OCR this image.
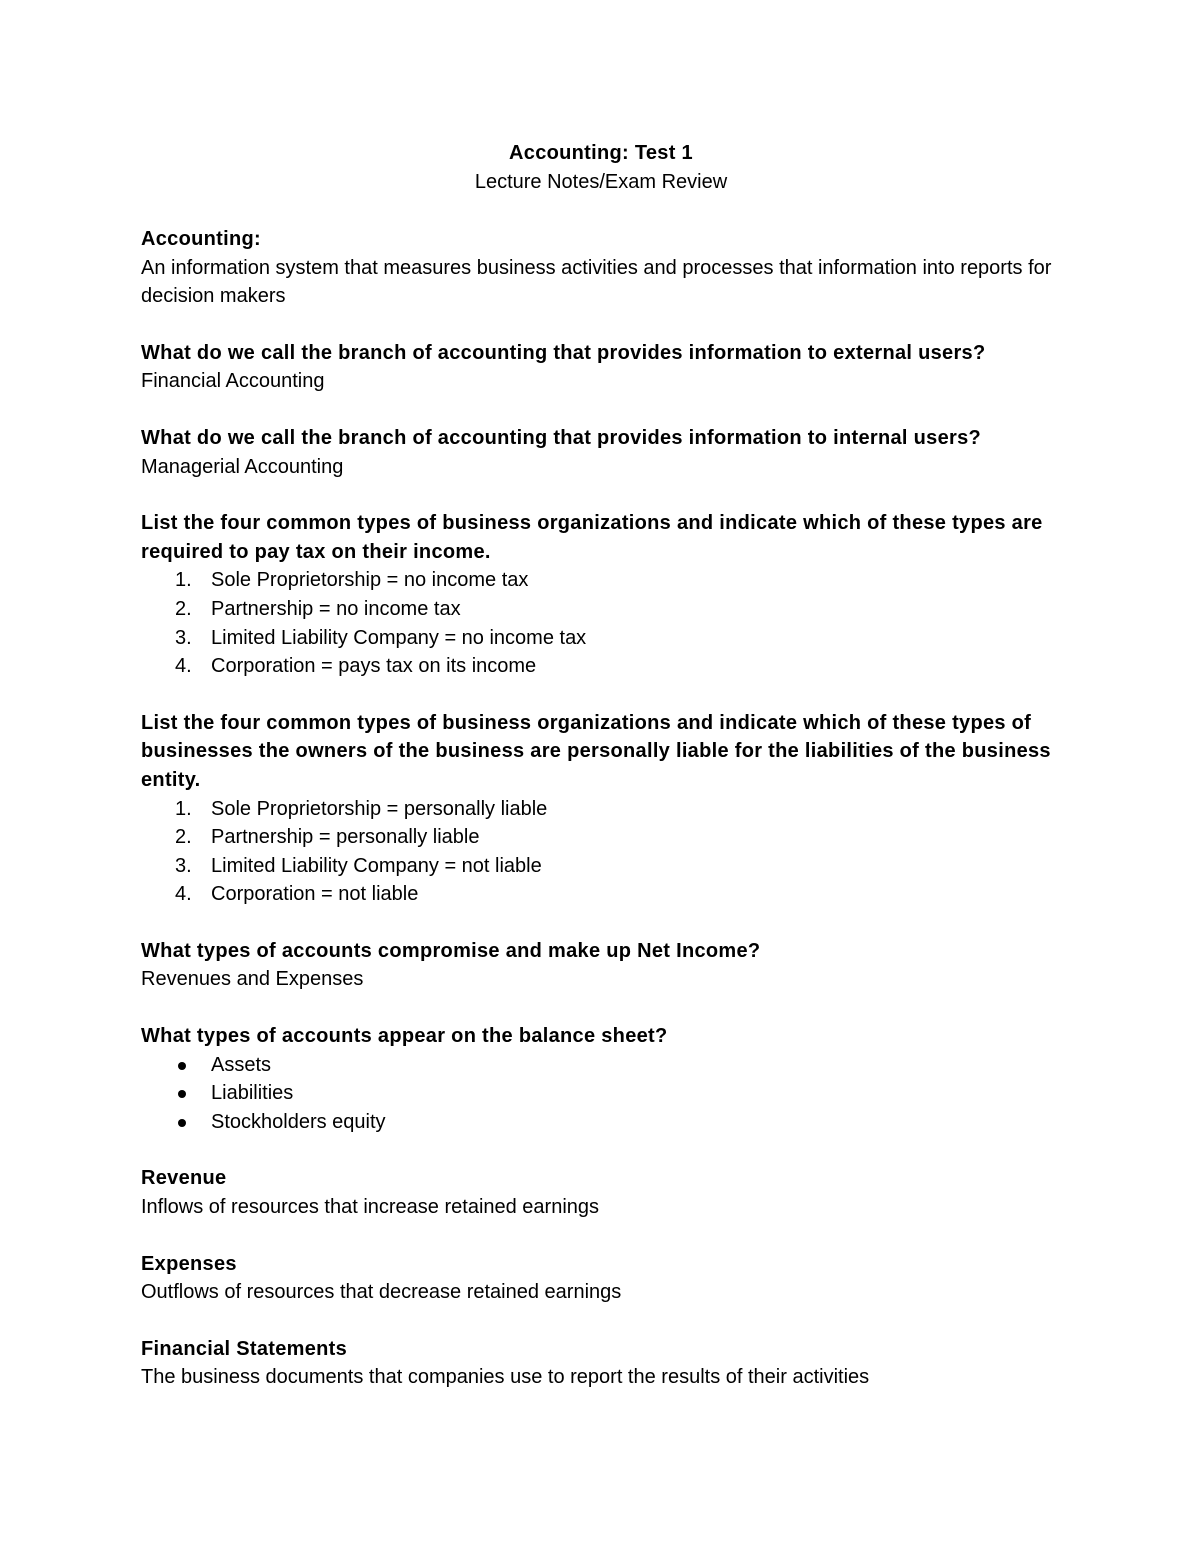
Accounting: Test 1

Lecture Notes/Exam Review

Accounting:

An information system that measures business activities and processes that information into reports for decision makers

What do we call the branch of accounting that provides information to external users?

Financial Accounting

What do we call the branch of accounting that provides information to internal users?

Managerial Accounting

List the four common types of business organizations and indicate which of these types are required to pay tax on their income.

1. Sole Proprietorship = no income tax
2. Partnership = no income tax
3. Limited Liability Company = no income tax
4. Corporation = pays tax on its income

List the four common types of business organizations and indicate which of these types of businesses the owners of the business are personally liable for the liabilities of the business entity.

1. Sole Proprietorship = personally liable
2. Partnership = personally liable
3. Limited Liability Company = not liable
4. Corporation = not liable

What types of accounts compromise and make up Net Income?

Revenues and Expenses

What types of accounts appear on the balance sheet?

Assets
Liabilities
Stockholders equity

Revenue

Inflows of resources that increase retained earnings

Expenses

Outflows of resources that decrease retained earnings

Financial Statements

The business documents that companies use to report the results of their activities
